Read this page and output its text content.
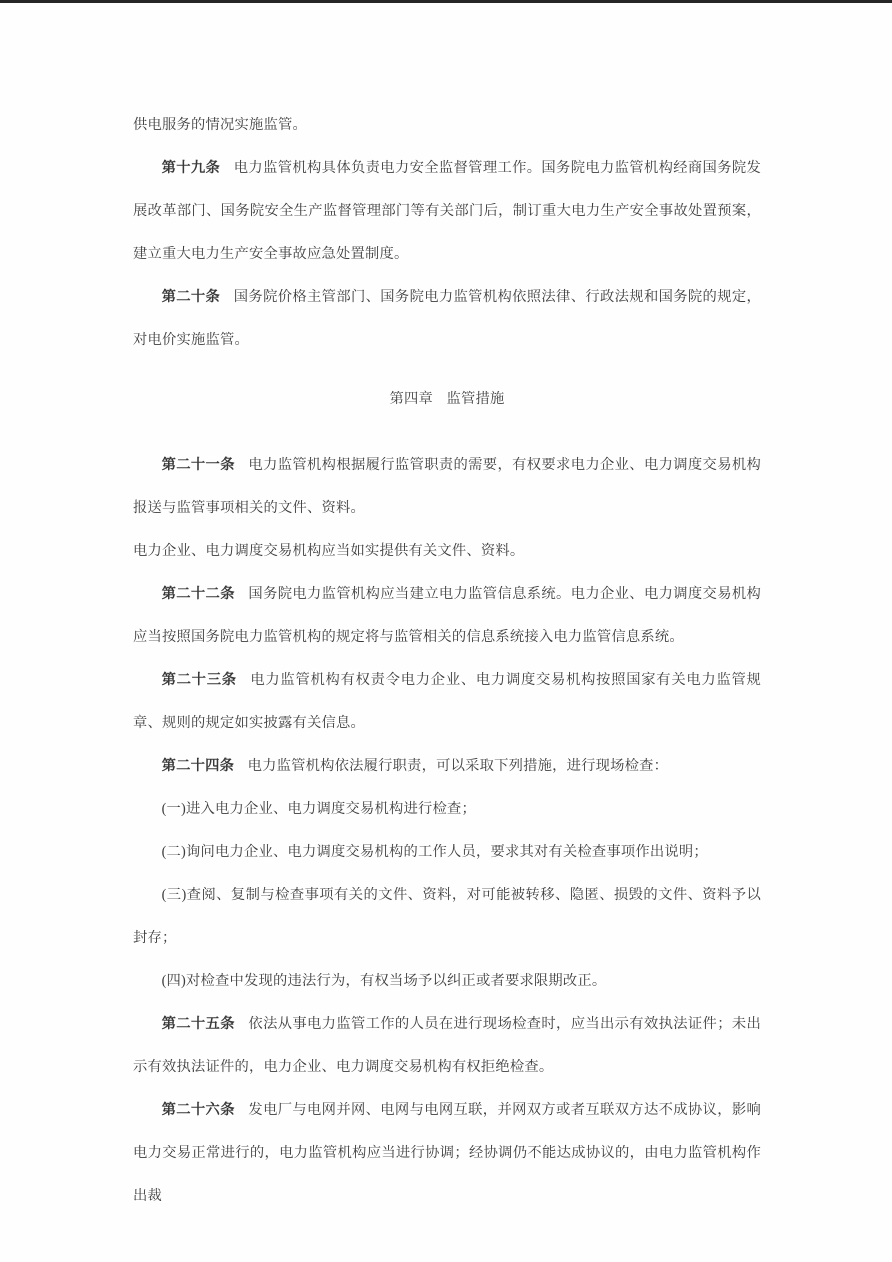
供电服务的情况实施监管。

第十九条 电力监管机构具体负责电力安全监督管理工作。国务院电力监管机构经商国务院发展改革部门、国务院安全生产监督管理部门等有关部门后，制订重大电力生产安全事故处置预案，建立重大电力生产安全事故应急处置制度。

第二十条 国务院价格主管部门、国务院电力监管机构依照法律、行政法规和国务院的规定，对电价实施监管。

第四章 监管措施

第二十一条 电力监管机构根据履行监管职责的需要，有权要求电力企业、电力调度交易机构报送与监管事项相关的文件、资料。

电力企业、电力调度交易机构应当如实提供有关文件、资料。

第二十二条 国务院电力监管机构应当建立电力监管信息系统。电力企业、电力调度交易机构应当按照国务院电力监管机构的规定将与监管相关的信息系统接入电力监管信息系统。

第二十三条 电力监管机构有权责令电力企业、电力调度交易机构按照国家有关电力监管规章、规则的规定如实披露有关信息。

第二十四条 电力监管机构依法履行职责，可以采取下列措施，进行现场检查：

(一)进入电力企业、电力调度交易机构进行检查；

(二)询问电力企业、电力调度交易机构的工作人员，要求其对有关检查事项作出说明；

(三)查阅、复制与检查事项有关的文件、资料，对可能被转移、隐匿、损毁的文件、资料予以封存；

(四)对检查中发现的违法行为，有权当场予以纠正或者要求限期改正。

第二十五条 依法从事电力监管工作的人员在进行现场检查时，应当出示有效执法证件；未出示有效执法证件的，电力企业、电力调度交易机构有权拒绝检查。

第二十六条 发电厂与电网并网、电网与电网互联，并网双方或者互联双方达不成协议，影响电力交易正常进行的，电力监管机构应当进行协调；经协调仍不能达成协议的，由电力监管机构作出裁
